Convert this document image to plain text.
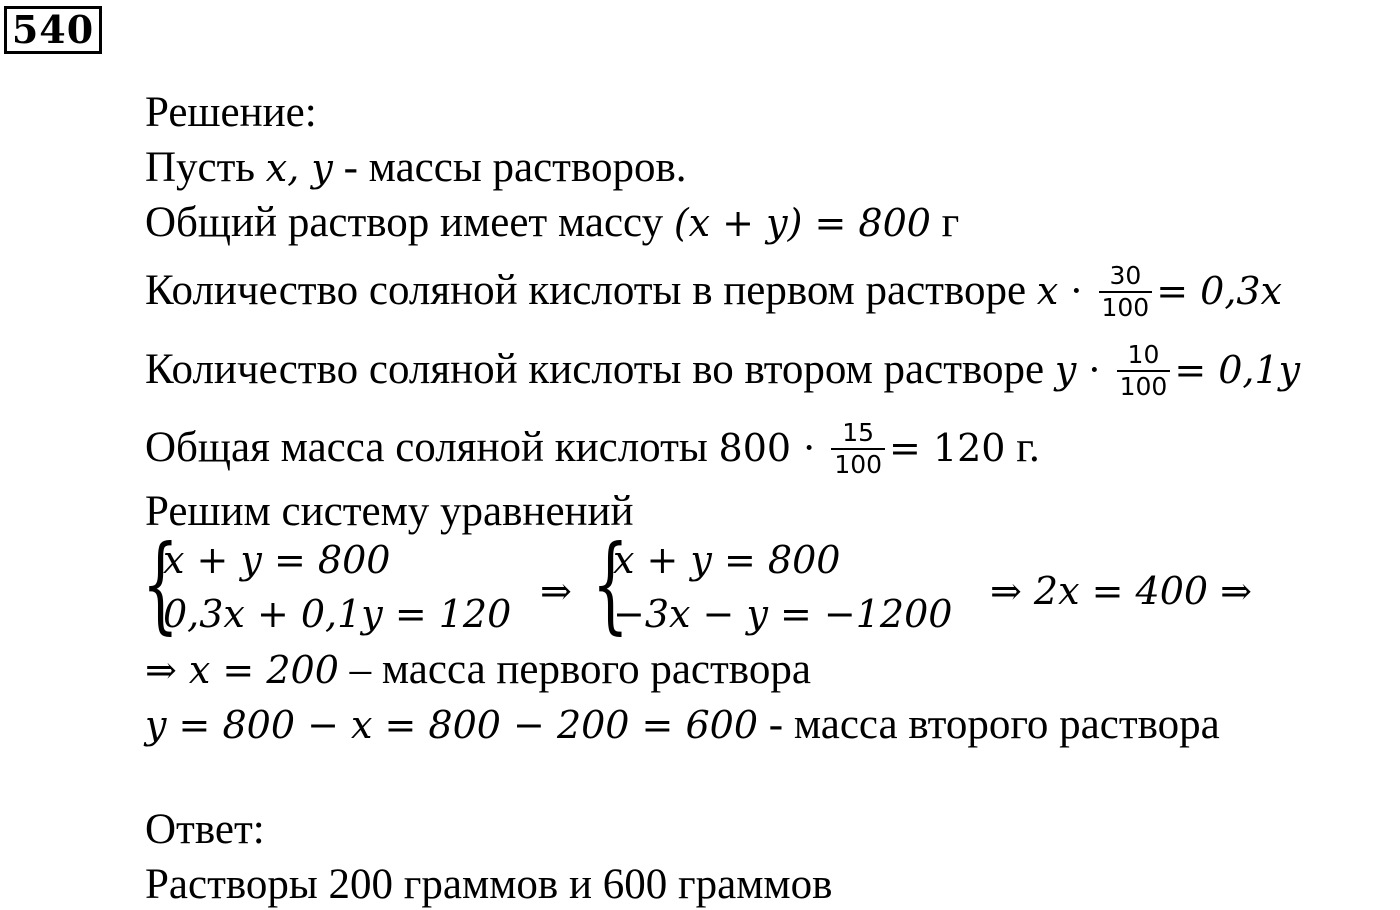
540
Решение:
Пусть x, y - массы растворов.
Общий раствор имеет массу (x + y) = 800 г
Количество соляной кислоты в первом растворе $x \cdot \frac{30}{100} = 0,3x$
Количество соляной кислоты во втором растворе $y \cdot \frac{10}{100} = 0,1y$
Общая масса соляной кислоты $800 \cdot \frac{15}{100} = 120$ г.
Решим систему уравнений
{
x + y = 800
0,3x + 0,1y = 120
⇒ {
x + y = 800
−3x − y = −1200
⇒ 2x = 400 ⇒
⇒ x = 200 – масса первого раствора
y = 800 − x = 800 − 200 = 600 - масса второго раствора
Ответ:
Растворы 200 граммов и 600 граммов
